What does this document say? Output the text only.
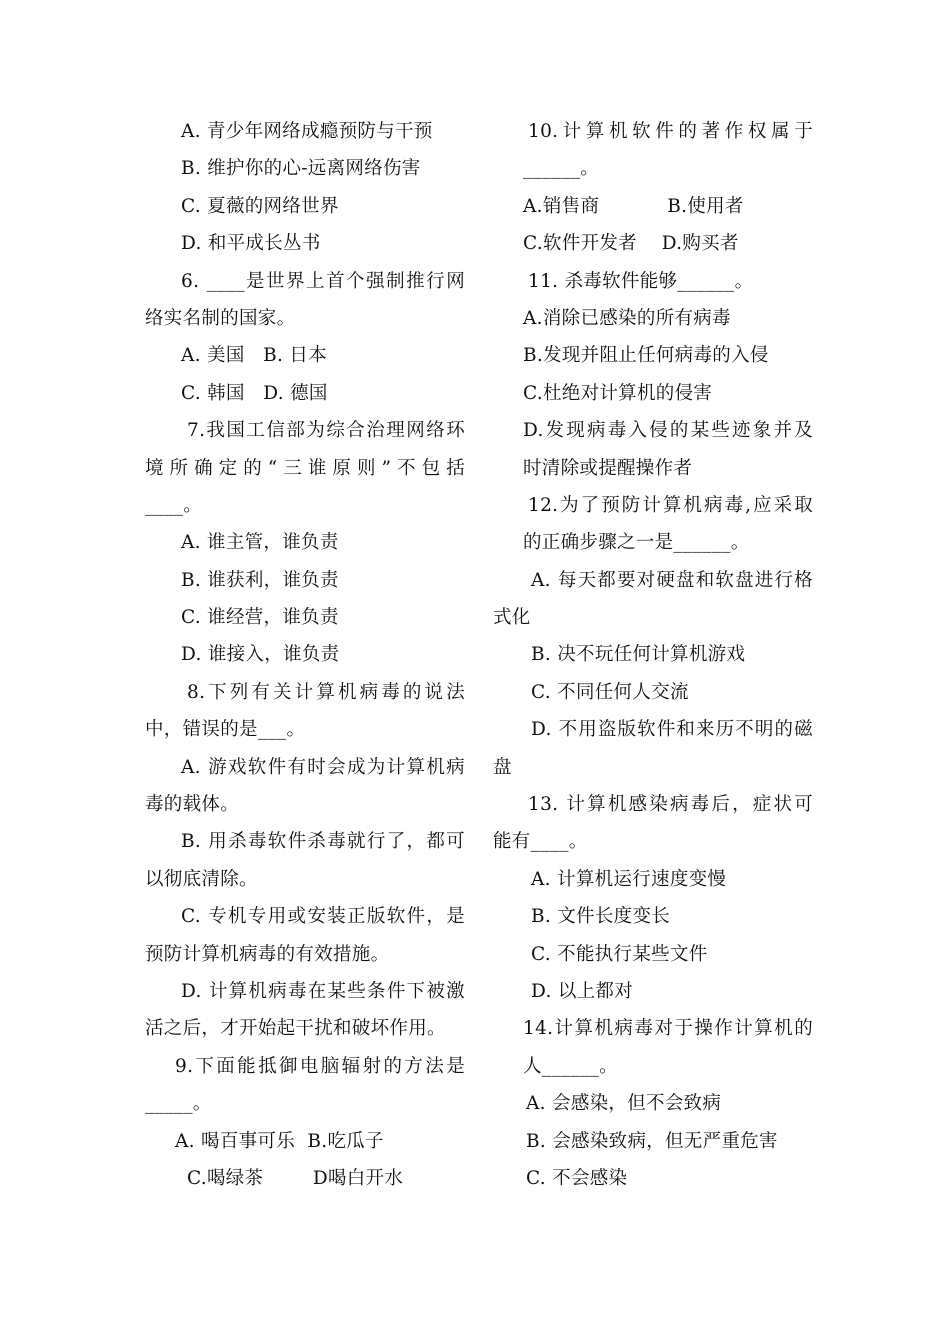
A. 青少年网络成瘾预防与干预
B. 维护你的心-远离网络伤害
C. 夏薇的网络世界
D. 和平成长丛书
6. ____是世界上首个强制推行网
络实名制的国家。
A. 美国   B. 日本
C. 韩国   D. 德国
7.我国工信部为综合治理网络环
境所确定的“三谁原则”不包括
____。
A. 谁主管，谁负责
B. 谁获利，谁负责
C. 谁经营，谁负责
D. 谁接入，谁负责
8.下列有关计算机病毒的说法
中，错误的是___。
A. 游戏软件有时会成为计算机病
毒的载体。
B. 用杀毒软件杀毒就行了，都可
以彻底清除。
C. 专机专用或安装正版软件，是
预防计算机病毒的有效措施。
D. 计算机病毒在某些条件下被激
活之后，才开始起干扰和破坏作用。
9.下面能抵御电脑辐射的方法是
_____。
A. 喝百事可乐  B.吃瓜子
C.喝绿茶        D喝白开水
10.计算机软件的著作权属于
______。
A.销售商           B.使用者
C.软件开发者    D.购买者
11. 杀毒软件能够______。
A.消除已感染的所有病毒
B.发现并阻止任何病毒的入侵
C.杜绝对计算机的侵害
D.发现病毒入侵的某些迹象并及
时清除或提醒操作者
12.为了预防计算机病毒,应采取
的正确步骤之一是______。
A. 每天都要对硬盘和软盘进行格
式化
B. 决不玩任何计算机游戏
C. 不同任何人交流
D. 不用盗版软件和来历不明的磁
盘
13. 计算机感染病毒后，症状可
能有____。
A. 计算机运行速度变慢
B. 文件长度变长
C. 不能执行某些文件
D. 以上都对
14.计算机病毒对于操作计算机的
人______。
A. 会感染，但不会致病
B. 会感染致病，但无严重危害
C. 不会感染
